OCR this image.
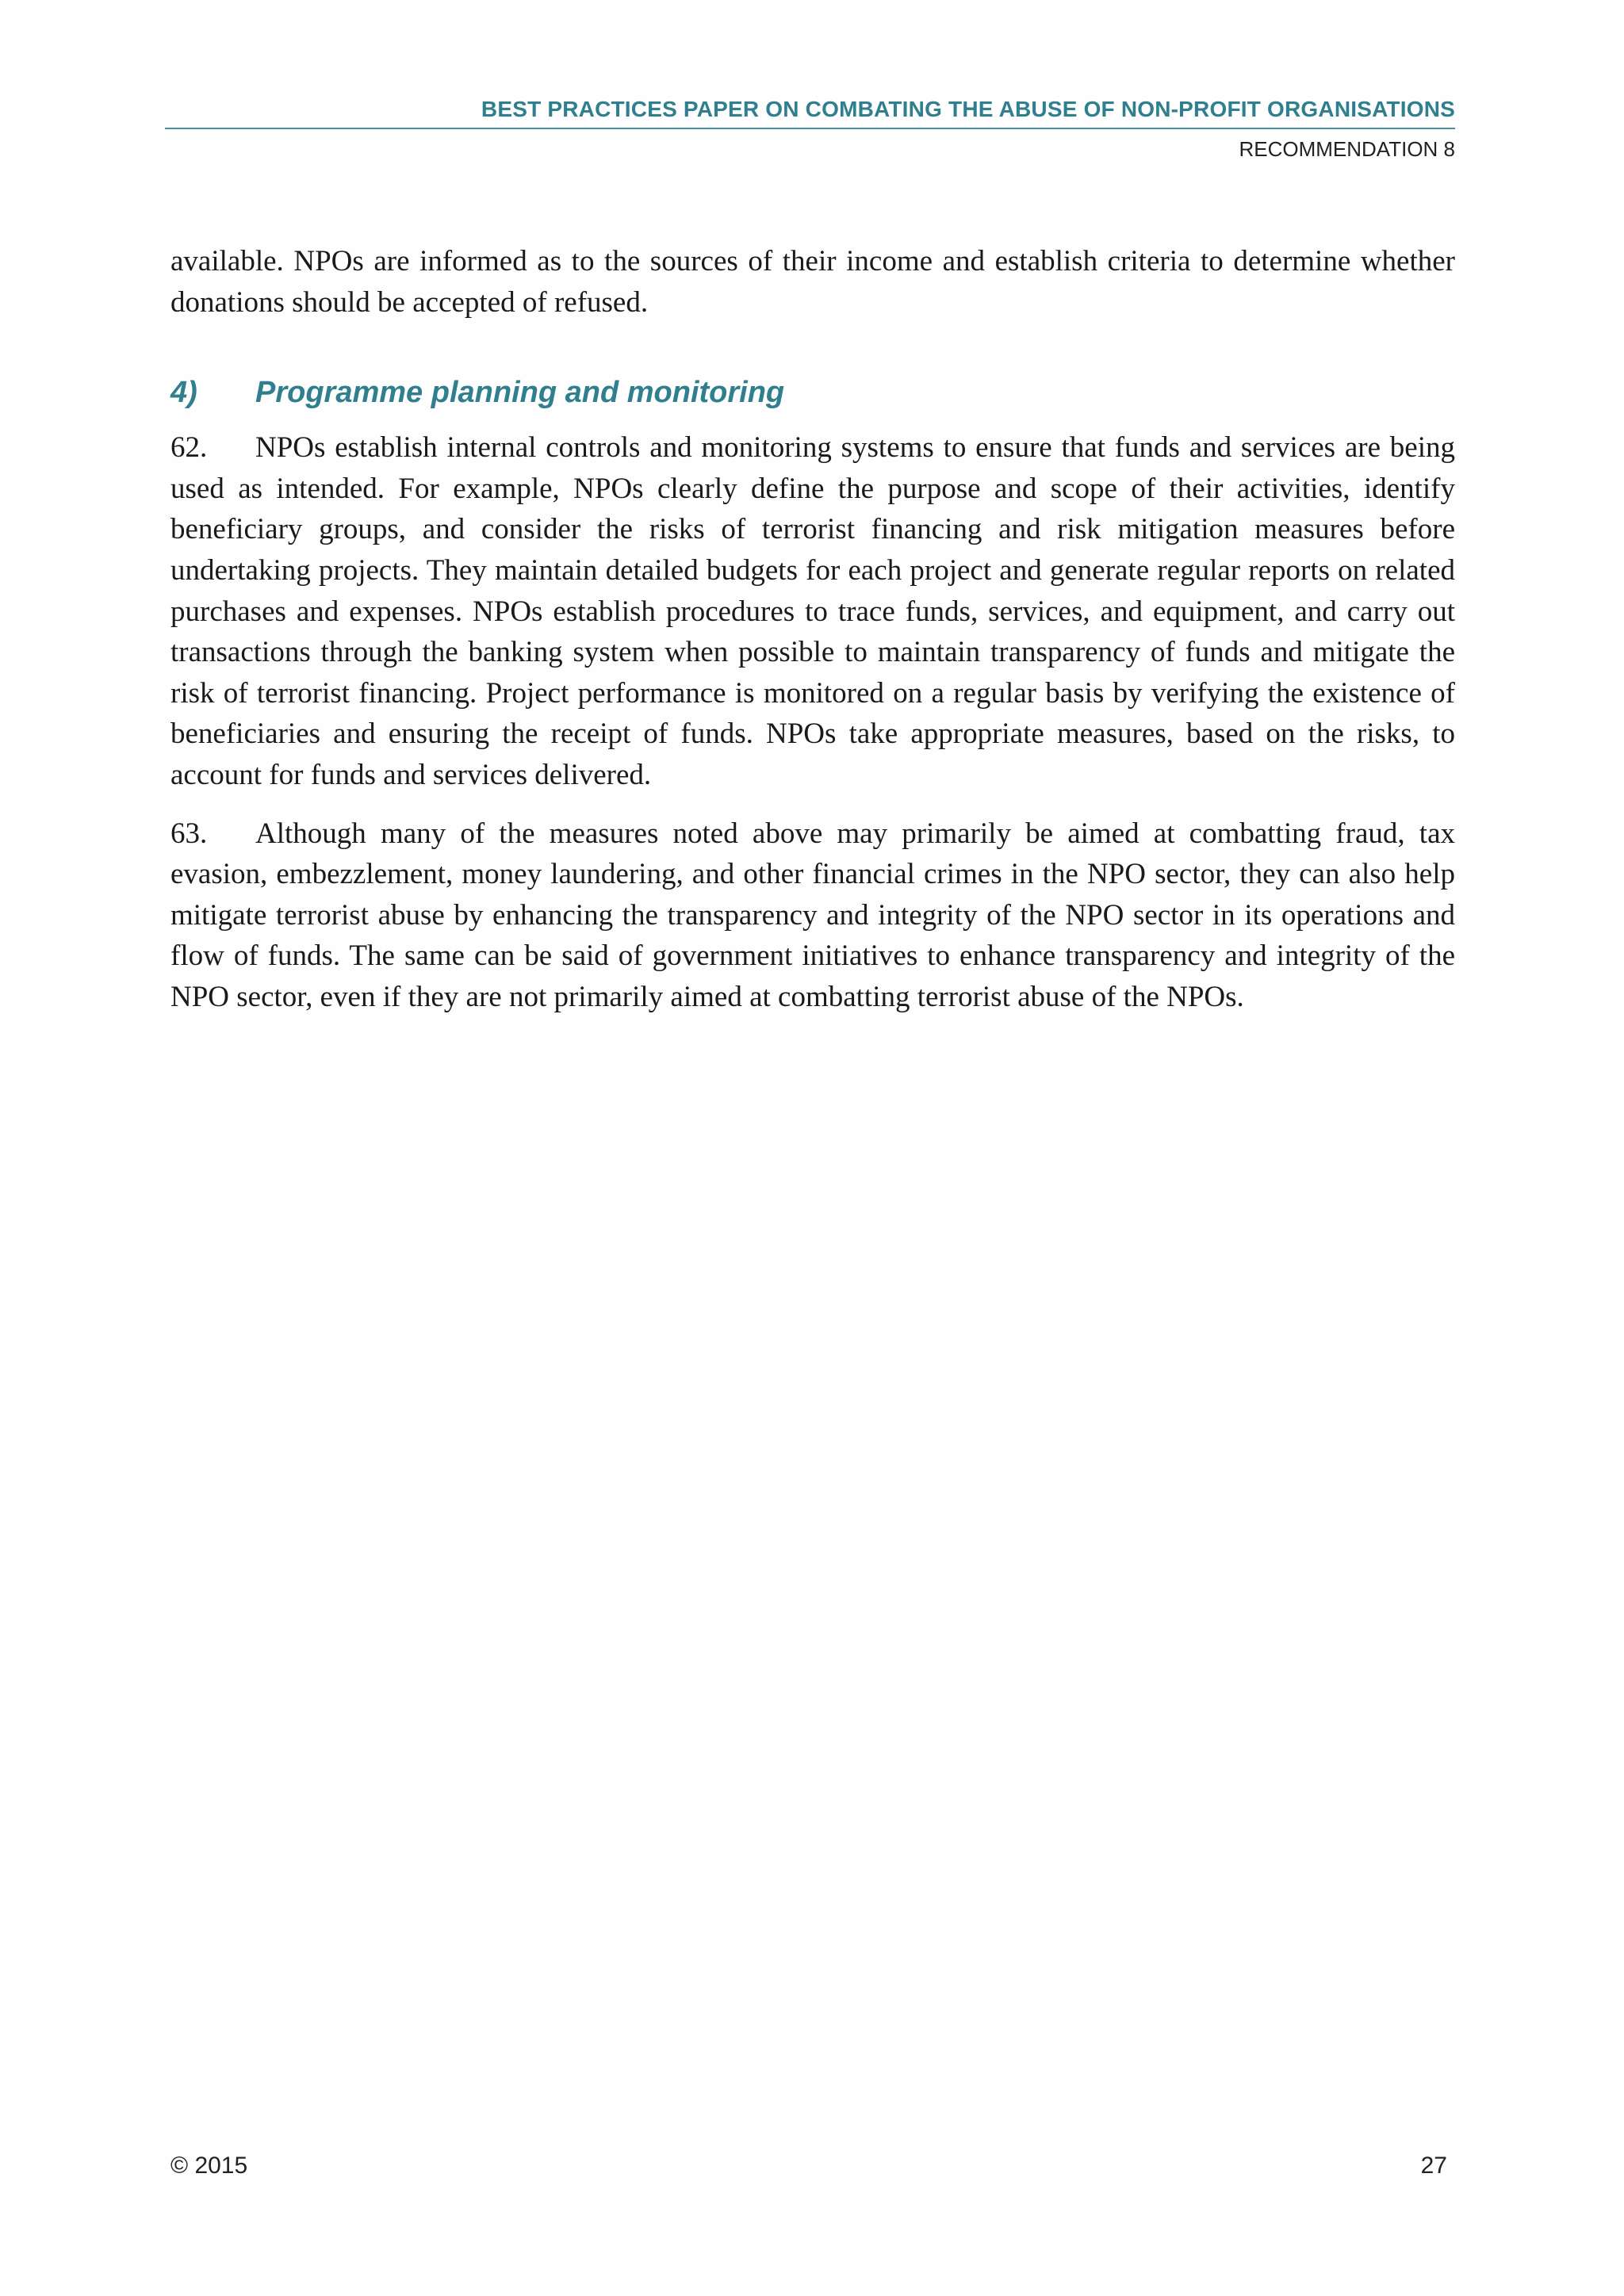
BEST PRACTICES PAPER ON COMBATING THE ABUSE OF NON-PROFIT ORGANISATIONS
RECOMMENDATION 8

available. NPOs are informed as to the sources of their income and establish criteria to determine whether donations should be accepted of refused.

4)	Programme planning and monitoring

62. NPOs establish internal controls and monitoring systems to ensure that funds and services are being used as intended. For example, NPOs clearly define the purpose and scope of their activities, identify beneficiary groups, and consider the risks of terrorist financing and risk mitigation measures before undertaking projects. They maintain detailed budgets for each project and generate regular reports on related purchases and expenses. NPOs establish procedures to trace funds, services, and equipment, and carry out transactions through the banking system when possible to maintain transparency of funds and mitigate the risk of terrorist financing. Project performance is monitored on a regular basis by verifying the existence of beneficiaries and ensuring the receipt of funds. NPOs take appropriate measures, based on the risks, to account for funds and services delivered.

63. Although many of the measures noted above may primarily be aimed at combatting fraud, tax evasion, embezzlement, money laundering, and other financial crimes in the NPO sector, they can also help mitigate terrorist abuse by enhancing the transparency and integrity of the NPO sector in its operations and flow of funds. The same can be said of government initiatives to enhance transparency and integrity of the NPO sector, even if they are not primarily aimed at combatting terrorist abuse of the NPOs.

© 2015	27
